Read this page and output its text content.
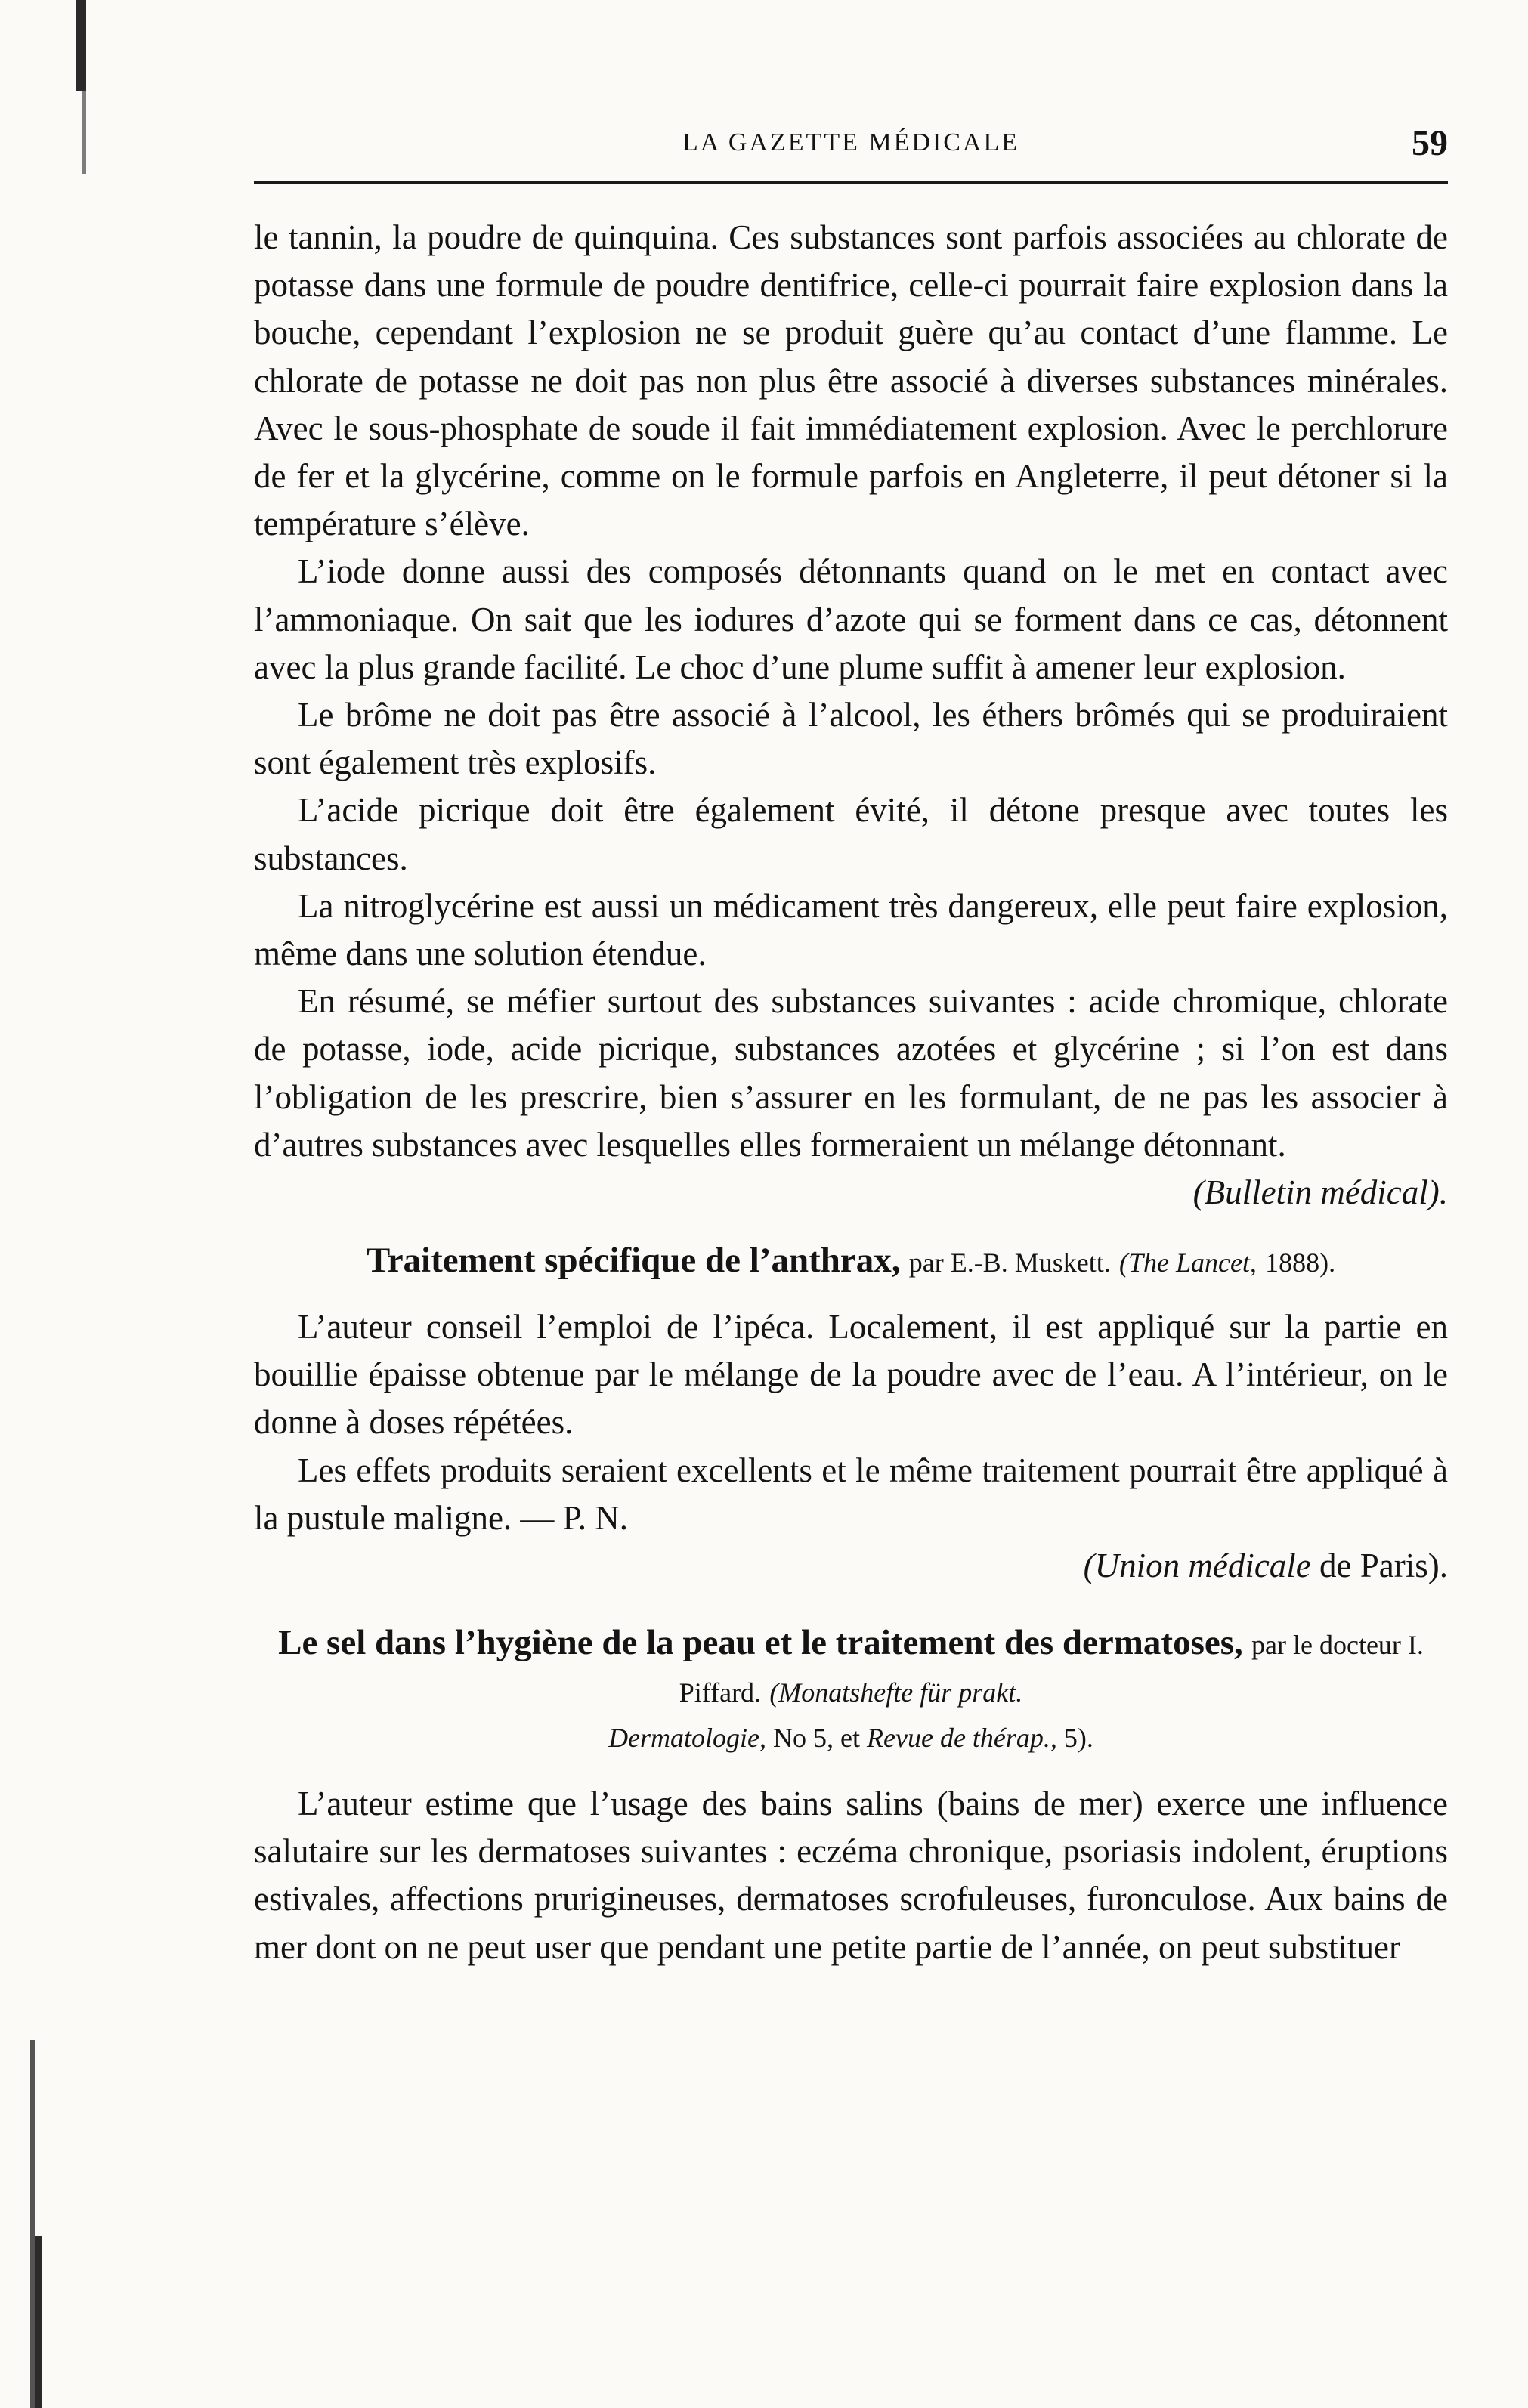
LA GAZETTE MÉDICALE	59

le tannin, la poudre de quinquina. Ces substances sont parfois associées au chlorate de potasse dans une formule de poudre dentifrice, celle-ci pourrait faire explosion dans la bouche, cependant l’explosion ne se produit guère qu’au contact d’une flamme. Le chlorate de potasse ne doit pas non plus être associé à diverses substances minérales. Avec le sous-phosphate de soude il fait immédiatement explosion. Avec le perchlorure de fer et la glycérine, comme on le formule parfois en Angleterre, il peut détoner si la température s’élève.

L’iode donne aussi des composés détonnants quand on le met en contact avec l’ammoniaque. On sait que les iodures d’azote qui se forment dans ce cas, détonnent avec la plus grande facilité. Le choc d’une plume suffit à amener leur explosion.

Le brôme ne doit pas être associé à l’alcool, les éthers brômés qui se produiraient sont également très explosifs.

L’acide picrique doit être également évité, il détone presque avec toutes les substances.

La nitroglycérine est aussi un médicament très dangereux, elle peut faire explosion, même dans une solution étendue.

En résumé, se méfier surtout des substances suivantes : acide chromique, chlorate de potasse, iode, acide picrique, substances azotées et glycérine ; si l’on est dans l’obligation de les prescrire, bien s’assurer en les formulant, de ne pas les associer à d’autres substances avec lesquelles elles formeraient un mélange détonnant.

(Bulletin médical).
Traitement spécifique de l’anthrax, par E.-B. Muskett. (The Lancet, 1888).

L’auteur conseil l’emploi de l’ipéca. Localement, il est appliqué sur la partie en bouillie épaisse obtenue par le mélange de la poudre avec de l’eau. A l’intérieur, on le donne à doses répétées.

Les effets produits seraient excellents et le même traitement pourrait être appliqué à la pustule maligne. — P. N.

(Union médicale de Paris).
Le sel dans l’hygiène de la peau et le traitement des dermatoses, par le docteur I. Piffard. (Monatshefte für prakt.
Dermatologie, No 5, et Revue de thérap., 5).

L’auteur estime que l’usage des bains salins (bains de mer) exerce une influence salutaire sur les dermatoses suivantes : eczéma chronique, psoriasis indolent, éruptions estivales, affections prurigineuses, dermatoses scrofuleuses, furonculose. Aux bains de mer dont on ne peut user que pendant une petite partie de l’année, on peut substituer
